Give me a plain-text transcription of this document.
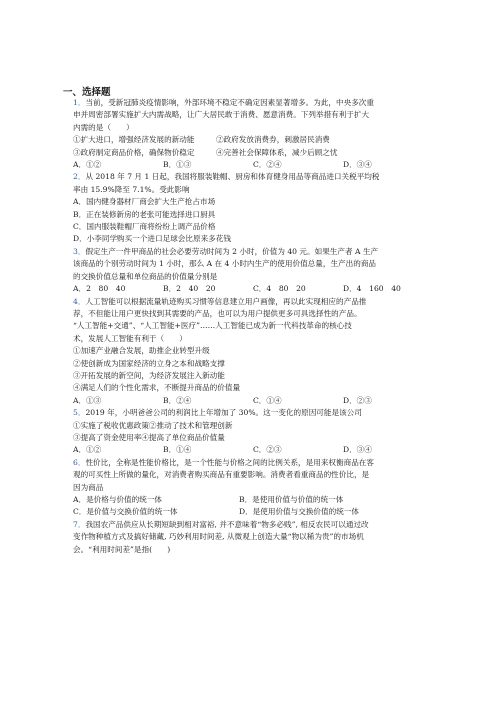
一、选择题
1．当前，受新冠肺炎疫情影响，外部环境不稳定不确定因素显著增多。为此，中央多次重
申并周密部署实施扩大内需战略，让广大居民敢于消费、愿意消费。下列举措有利于扩大
内需的是（　　）
①扩大进口，增强经济发展的新动能	②政府发放消费券，刺激居民消费
③政府制定商品价格，确保物价稳定	④完善社会保障体系，减少后顾之忧
A．①②	B．①③	C．②④	D．③④
2．从 2018 年 7 月 1 日起，我国将服装鞋帽、厨房和体育健身用品等商品进口关税平均税
率由 15.9%降至 7.1%。受此影响
A．国内健身器材厂商会扩大生产抢占市场
B．正在装修新房的老张可能选择进口厨具
C．国内服装鞋帽厂商将纷纷上调产品价格
D．小李同学购买一个进口足球会比原来多花钱
3．假定生产一件甲商品的社会必要劳动时间为 2 小时，价值为 40 元。如果生产者 A 生产
该商品的个别劳动时间为 1 小时，那么 A 在 4 小时内生产的使用价值总量，生产出的商品
的交换价值总量和单位商品的价值量分别是
A．2　80　40	B．2　40　20	C．4　80　20	D．4　160　40
4．人工智能可以根据流量轨迹购买习惯等信息建立用户画像，再以此实现相应的产品推
荐，不但能让用户更快找到其需要的产品，也可以为用户提供更多可具选择性的产品。
“人工智能+交通”、“人工智能+医疗”……人工智能已成为新一代科技革命的核心技
术，发展人工智能有利于（　　）
①加速产业融合发展，助推企业转型升级
②使创新成为国家经济的立身之本和战略支撑
③开拓发展的新空间，为经济发展注入新动能
④满足人们的个性化需求，不断提升商品的价值量
A．①③	B．②④	C．①④	D．②③
5．2019 年，小明爸爸公司的利润比上年增加了 30%。这一变化的原因可能是该公司
①实施了税收优惠政策②推动了技术和管理创新
③提高了资金使用率④提高了单位商品价值量
A．①②	B．①④	C．②③	D．③④
6．性价比，全称是性能价格比，是一个性能与价格之间的比例关系，是用来权衡商品在客
观的可买性上所做的量化，对消费者购买商品有重要影响。消费者看重商品的性价比，是
因为商品
A．是价格与价值的统一体	B．是使用价值与价值的统一体
C．是价值与交换价值的统一体	D．是使用价值与交换价值的统一体
7．我国农产品供应从长期短缺到相对富裕, 并不意味着“物多必贱”, 相反农民可以通过改
变作物种植方式及搞好储藏, 巧妙利用时间差, 从微观上创造大量“物以稀为贵”的市场机
会。“利用时间差”是指(　　)
